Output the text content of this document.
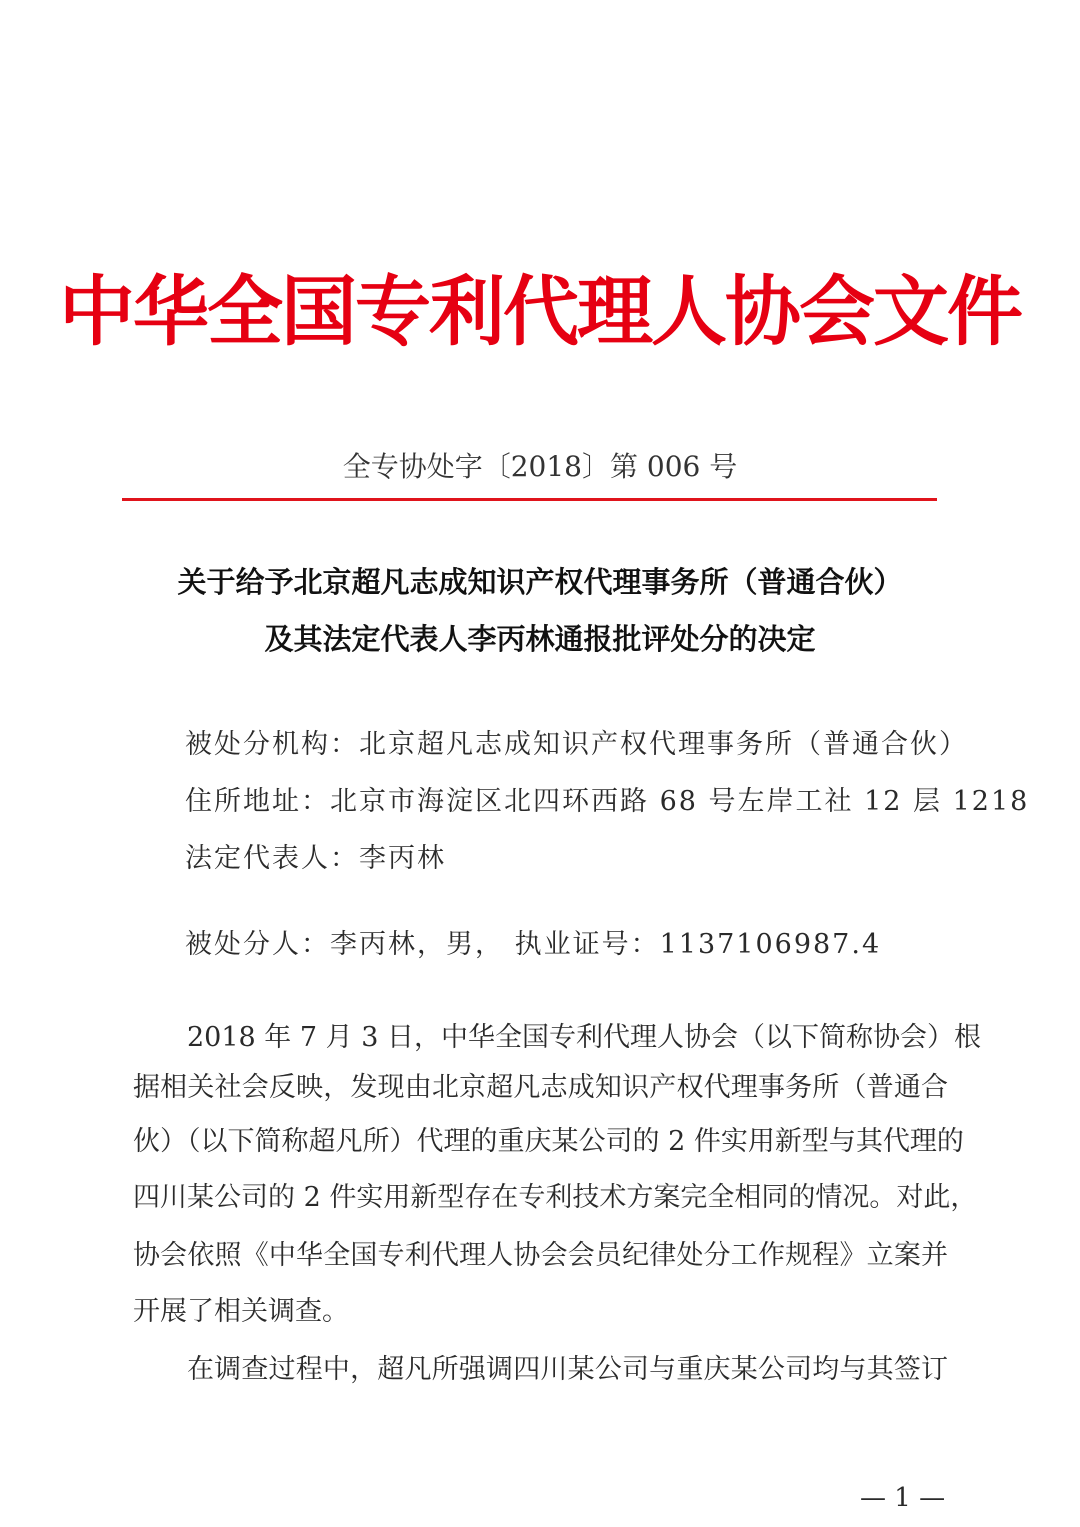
中华全国专利代理人协会文件
全专协处字〔2018〕第 006 号
关于给予北京超凡志成知识产权代理事务所（普通合伙）
及其法定代表人李丙林通报批评处分的决定
被处分机构：北京超凡志成知识产权代理事务所（普通合伙）
住所地址：北京市海淀区北四环西路 68 号左岸工社 12 层 1218
法定代表人：李丙林
被处分人：李丙林，男， 执业证号：1137106987.4
2018 年 7 月 3 日，中华全国专利代理人协会（以下简称协会）根
据相关社会反映，发现由北京超凡志成知识产权代理事务所（普通合
伙）（以下简称超凡所）代理的重庆某公司的 2 件实用新型与其代理的
四川某公司的 2 件实用新型存在专利技术方案完全相同的情况。对此，
协会依照《中华全国专利代理人协会会员纪律处分工作规程》立案并
开展了相关调查。
在调查过程中，超凡所强调四川某公司与重庆某公司均与其签订
— 1 —
